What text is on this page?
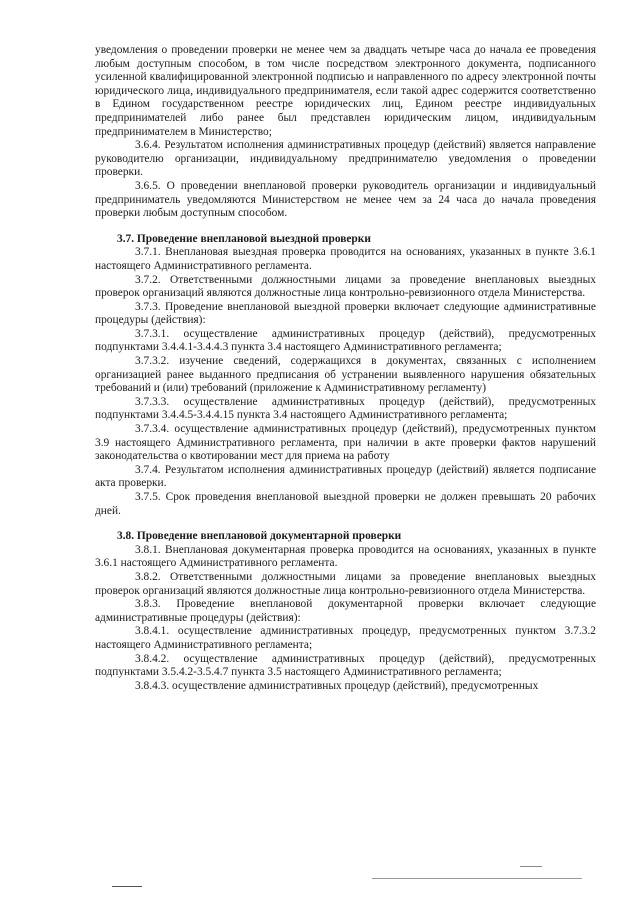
уведомления о проведении проверки не менее чем за двадцать четыре часа до начала ее проведения любым доступным способом, в том числе посредством электронного документа, подписанного усиленной квалифицированной электронной подписью и направленного по адресу электронной почты юридического лица, индивидуального предпринимателя, если такой адрес содержится соответственно в Едином государственном реестре юридических лиц, Едином реестре индивидуальных предпринимателей либо ранее был представлен юридическим лицом, индивидуальным предпринимателем в Министерство;

3.6.4. Результатом исполнения административных процедур (действий) является направление руководителю организации, индивидуальному предпринимателю уведомления о проведении проверки.

3.6.5. О проведении внеплановой проверки руководитель организации и индивидуальный предприниматель уведомляются Министерством не менее чем за 24 часа до начала проведения проверки любым доступным способом.

3.7. Проведение внеплановой выездной проверки

3.7.1. Внеплановая выездная проверка проводится на основаниях, указанных в пункте 3.6.1 настоящего Административного регламента.

3.7.2. Ответственными должностными лицами за проведение внеплановых выездных проверок организаций являются должностные лица контрольно-ревизионного отдела Министерства.

3.7.3. Проведение внеплановой выездной проверки включает следующие административные процедуры (действия):

3.7.3.1. осуществление административных процедур (действий), предусмотренных подпунктами 3.4.4.1-3.4.4.3 пункта 3.4 настоящего Административного регламента;

3.7.3.2. изучение сведений, содержащихся в документах, связанных с исполнением организацией ранее выданного предписания об устранении выявленного нарушения обязательных требований и (или) требований (приложение к Административному регламенту)

3.7.3.3. осуществление административных процедур (действий), предусмотренных подпунктами 3.4.4.5-3.4.4.15 пункта 3.4 настоящего Административного регламента;

3.7.3.4. осуществление административных процедур (действий), предусмотренных пунктом 3.9 настоящего Административного регламента, при наличии в акте проверки фактов нарушений законодательства о квотировании мест для приема на работу

3.7.4. Результатом исполнения административных процедур (действий) является подписание акта проверки.

3.7.5. Срок проведения внеплановой выездной проверки не должен превышать 20 рабочих дней.

3.8. Проведение внеплановой документарной проверки

3.8.1. Внеплановая документарная проверка проводится на основаниях, указанных в пункте 3.6.1 настоящего Административного регламента.

3.8.2. Ответственными должностными лицами за проведение внеплановых выездных проверок организаций являются должностные лица контрольно-ревизионного отдела Министерства.

3.8.3. Проведение внеплановой документарной проверки включает следующие административные процедуры (действия):

3.8.4.1. осуществление административных процедур, предусмотренных пунктом 3.7.3.2 настоящего Административного регламента;

3.8.4.2. осуществление административных процедур (действий), предусмотренных подпунктами 3.5.4.2-3.5.4.7 пункта 3.5 настоящего Административного регламента;

3.8.4.3. осуществление административных процедур (действий), предусмотренных
